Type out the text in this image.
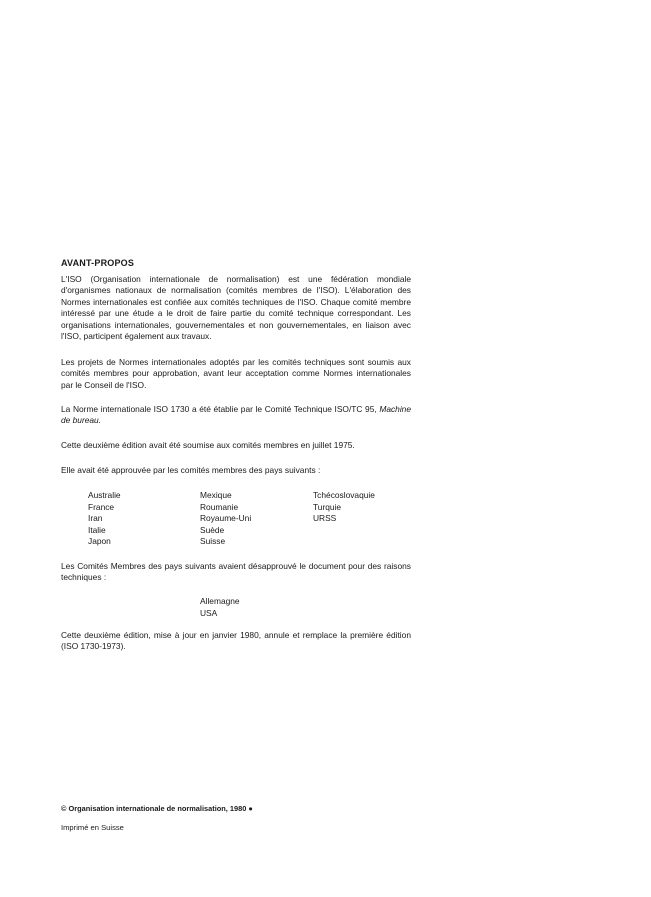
AVANT-PROPOS

L'ISO (Organisation internationale de normalisation) est une fédération mondiale d'organismes nationaux de normalisation (comités membres de l'ISO). L'élaboration des Normes internationales est confiée aux comités techniques de l'ISO. Chaque comité membre intéressé par une étude a le droit de faire partie du comité technique correspondant. Les organisations internationales, gouvernementales et non gouvernementales, en liaison avec l'ISO, participent également aux travaux.

Les projets de Normes internationales adoptés par les comités techniques sont soumis aux comités membres pour approbation, avant leur acceptation comme Normes internationales par le Conseil de l'ISO.

La Norme internationale ISO 1730 a été établie par le Comité Technique ISO/TC 95, Machine de bureau.

Cette deuxième édition avait été soumise aux comités membres en juillet 1975.

Elle avait été approuvée par les comités membres des pays suivants :

Australie
France
Iran
Italie
Japon
Mexique
Roumanie
Royaume-Uni
Suède
Suisse
Tchécoslovaquie
Turquie
URSS

Les Comités Membres des pays suivants avaient désapprouvé le document pour des raisons techniques :

Allemagne
USA

Cette deuxième édition, mise à jour en janvier 1980, annule et remplace la première édition (ISO 1730-1973).

© Organisation internationale de normalisation, 1980 ●
Imprimé en Suisse
